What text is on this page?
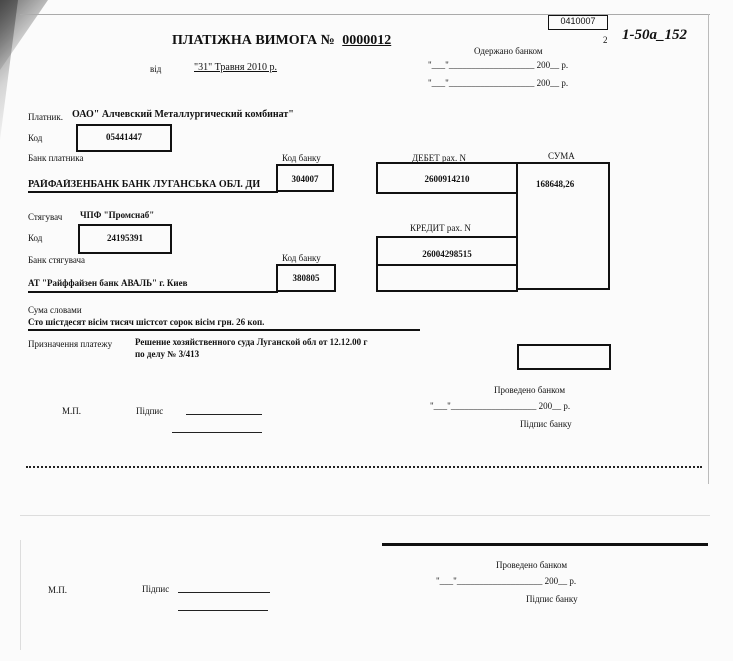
0410007
2 1-50a_152
ПЛАТІЖНА ВИМОГА № 0000012
Одержано банком
від	"31" Травня 2010 р.	"___"___________________ 200__ р.
"___"___________________ 200__ р.
Платник. ОАО" Алчевский Металлургический комбинат"
Код	05441447
Банк платника	Код банку
РАЙФАЙЗЕНБАНК БАНК ЛУГАНСЬКА ОБЛ. ДИ	304007
ДЕБЕТ рах. N	СУМА
2600914210	168648,26
Стягувач ЧПФ "Промснаб"
Код	24195391
Банк стягувача	Код банку
АТ "Райффайзен банк АВАЛЬ" г. Киев	380805
КРЕДИТ рах. N
26004298515
Сума словами
Сто шістдесят вісім тисяч шістсот сорок вісім грн. 26 коп.
Призначення платежу	Решение хозяйственного суда Луганской обл от 12.12.00 г
по делу № 3/413
Проведено банком
М.П.	Підпис	"___"___________________ 200__ р.
Підпис банку
Проведено банком
М.П.	Підпис
"___"___________________ 200__ р.
Підпис банку
